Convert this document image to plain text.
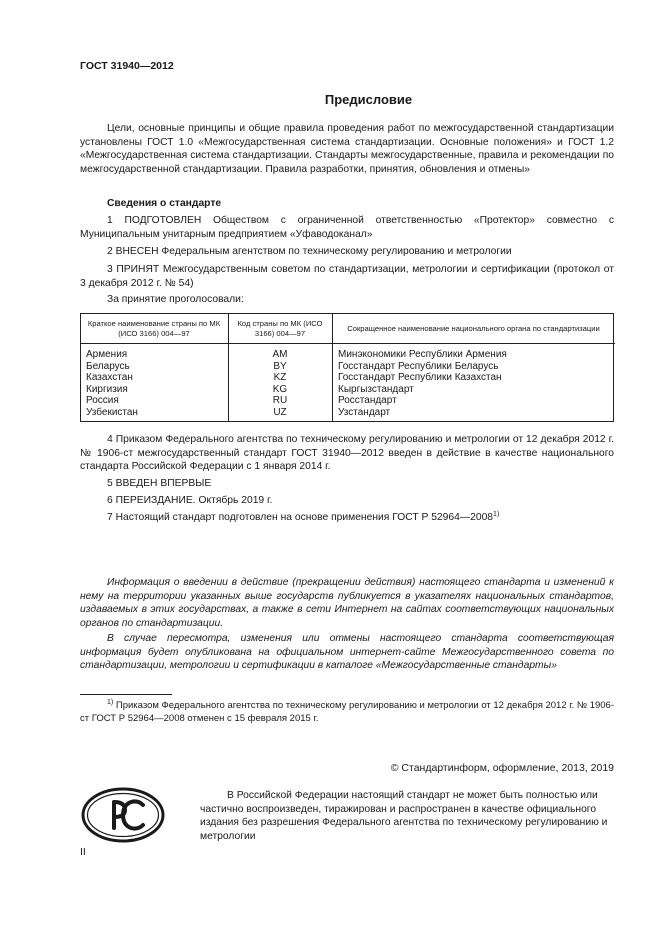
ГОСТ 31940—2012
Предисловие
Цели, основные принципы и общие правила проведения работ по межгосударственной стандартизации установлены ГОСТ 1.0 «Межгосударственная система стандартизации. Основные положения» и ГОСТ 1.2 «Межгосударственная система стандартизации. Стандарты межгосударственные, правила и рекомендации по межгосударственной стандартизации. Правила разработки, принятия, обновления и отмены»
Сведения о стандарте
1 ПОДГОТОВЛЕН Обществом с ограниченной ответственностью «Протектор» совместно с Муниципальным унитарным предприятием «Уфаводоканал»
2 ВНЕСЕН Федеральным агентством по техническому регулированию и метрологии
3 ПРИНЯТ Межгосударственным советом по стандартизации, метрологии и сертификации (протокол от 3 декабря 2012 г. № 54)
За принятие проголосовали:
Краткое наименование страны по МК (ИСО 3166) 004—97	Код страны по МК (ИСО 3166) 004—97	Сокращенное наименование национального органа по стандартизации
Армения	AM	Минэкономики Республики Армения
Беларусь	BY	Госстандарт Республики Беларусь
Казахстан	KZ	Госстандарт Республики Казахстан
Киргизия	KG	Кыргызстандарт
Россия	RU	Росстандарт
Узбекистан	UZ	Узстандарт
4 Приказом Федерального агентства по техническому регулированию и метрологии от 12 декабря 2012 г. № 1906-ст межгосударственный стандарт ГОСТ 31940—2012 введен в действие в качестве национального стандарта Российской Федерации с 1 января 2014 г.
5 ВВЕДЕН ВПЕРВЫЕ
6 ПЕРЕИЗДАНИЕ. Октябрь 2019 г.
7 Настоящий стандарт подготовлен на основе применения ГОСТ Р 52964—2008$^{1)}$
Информация о введении в действие (прекращении действия) настоящего стандарта и изменений к нему на территории указанных выше государств публикуется в указателях национальных стандартов, издаваемых в этих государствах, а также в сети Интернет на сайтах соответствующих национальных органов по стандартизации.
В случае пересмотра, изменения или отмены настоящего стандарта соответствующая информация будет опубликована на официальном интернет-сайте Межгосударственного совета по стандартизации, метрологии и сертификации в каталоге «Межгосударственные стандарты»
$^{1)}$ Приказом Федерального агентства по техническому регулированию и метрологии от 12 декабря 2012 г. № 1906-ст ГОСТ Р 52964—2008 отменен с 15 февраля 2015 г.
© Стандартинформ, оформление, 2013, 2019
В Российской Федерации настоящий стандарт не может быть полностью или частично воспроизведен, тиражирован и распространен в качестве официального издания без разрешения Федерального агентства по техническому регулированию и метрологии
II
